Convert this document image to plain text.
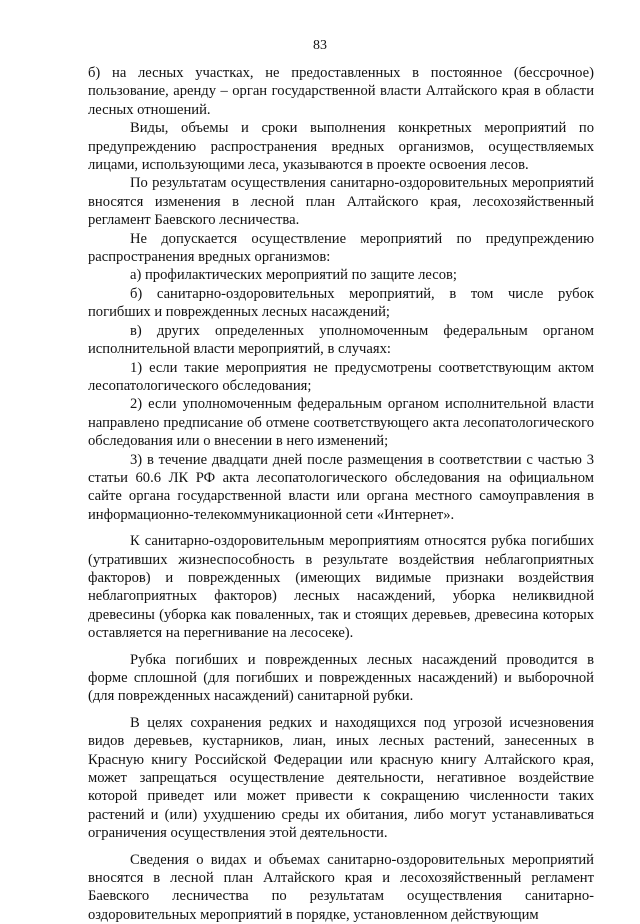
83

б) на лесных участках, не предоставленных в постоянное (бессрочное) пользование, аренду – орган государственной власти Алтайского края в области лесных отношений.

Виды, объемы и сроки выполнения конкретных мероприятий по предупреждению распространения вредных организмов, осуществляемых лицами, использующими леса, указываются в проекте освоения лесов.

По результатам осуществления санитарно-оздоровительных мероприятий вносятся изменения в лесной план Алтайского края, лесохозяйственный регламент Баевского лесничества.

Не допускается осуществление мероприятий по предупреждению распространения вредных организмов:

а) профилактических мероприятий по защите лесов;

б) санитарно-оздоровительных мероприятий, в том числе рубок погибших и поврежденных лесных насаждений;

в) других определенных уполномоченным федеральным органом исполнительной власти мероприятий, в случаях:

1) если такие мероприятия не предусмотрены соответствующим актом лесопатологического обследования;

2) если уполномоченным федеральным органом исполнительной власти направлено предписание об отмене соответствующего акта лесопатологического обследования или о внесении в него изменений;

3) в течение двадцати дней после размещения в соответствии с частью 3 статьи 60.6 ЛК РФ акта лесопатологического обследования на официальном сайте органа государственной власти или органа местного самоуправления в информационно-телекоммуникационной сети «Интернет».

К санитарно-оздоровительным мероприятиям относятся рубка погибших (утративших жизнеспособность в результате воздействия неблагоприятных факторов) и поврежденных (имеющих видимые признаки воздействия неблагоприятных факторов) лесных насаждений, уборка неликвидной древесины (уборка как поваленных, так и стоящих деревьев, древесина которых оставляется на перегнивание на лесосеке).

Рубка погибших и поврежденных лесных насаждений проводится в форме сплошной (для погибших и поврежденных насаждений) и выборочной (для поврежденных насаждений) санитарной рубки.

В целях сохранения редких и находящихся под угрозой исчезновения видов деревьев, кустарников, лиан, иных лесных растений, занесенных в Красную книгу Российской Федерации или красную книгу Алтайского края, может запрещаться осуществление деятельности, негативное воздействие которой приведет или может привести к сокращению численности таких растений и (или) ухудшению среды их обитания, либо могут устанавливаться ограничения осуществления этой деятельности.

Сведения о видах и объемах санитарно-оздоровительных мероприятий вносятся в лесной план Алтайского края и лесохозяйственный регламент Баевского лесничества по результатам осуществления санитарно-оздоровительных мероприятий в порядке, установленном действующим
